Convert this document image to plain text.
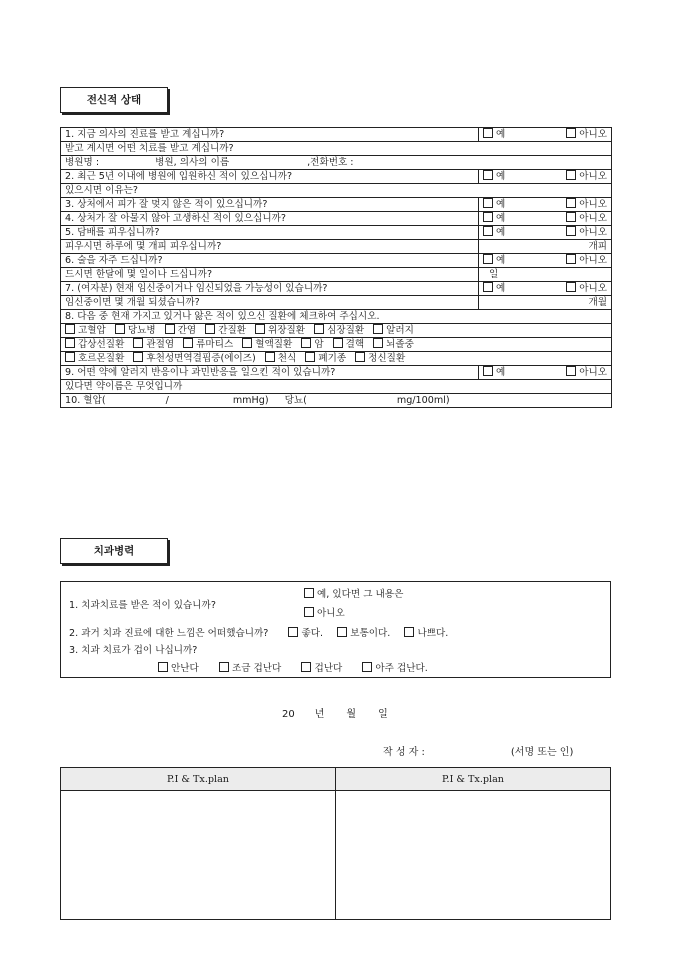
전신적 상태
1. 지금 의사의 진료를 받고 계십니까?	예 아니오

받고 계시면 어떤 치료를 받고 계십니까?	
병원명 : 병원, 의사의 이름 ,전화번호 :	
2. 최근 5년 이내에 병원에 입원하신 적이 있으십니까?	예 아니오

있으시면 이유는?	
3. 상처에서 피가 잘 멎지 않은 적이 있으십니까?	예 아니오

4. 상처가 잘 아물지 않아 고생하신 적이 있으십니까?	예 아니오

5. 담배를 피우십니까?	예 아니오

피우시면 하루에 몇 개피 피우십니까?	개피
6. 술을 자주 드십니까?	예 아니오

드시면 한달에 몇 일이나 드십니까?	일
7. (여자분) 현재 임신중이거나 임신되었을 가능성이 있습니까?	예 아니오

임신중이면 몇 개월 되셨습니까?	개월
8. 다음 중 현재 가지고 있거나 앓은 적이 있으신 질환에 체크하여 주십시오.	
고혈압 당뇨병 간염 간질환 위장질환 심장질환 알러지	
갑상선질환 관절염 류마티스 혈액질환 암 결핵 뇌졸중	
호르몬질환 후천성면역결핍증(에이즈) 천식 폐기종 정신질환	
9. 어떤 약에 알러지 반응이나 과민반응을 일으킨 적이 있습니까?	예 아니오

있다면 약이름은 무엇입니까	
10. 혈압( / mmHg) 당뇨( mg/100ml)	
치과병력
1. 치과치료를 받은 적이 있습니까?
예, 있다면 그 내용은
아니오
2. 과거 치과 진료에 대한 느낌은 어떠했습니까?	좋다.	보통이다.	나쁘다.
3. 치과 치료가 겁이 나십니까?
안난다	조금 겁난다	겁난다	아주 겁난다.
20 년 월 일
작 성 자 :	(서명 또는 인)
P.I & Tx.plan	P.I & Tx.plan
